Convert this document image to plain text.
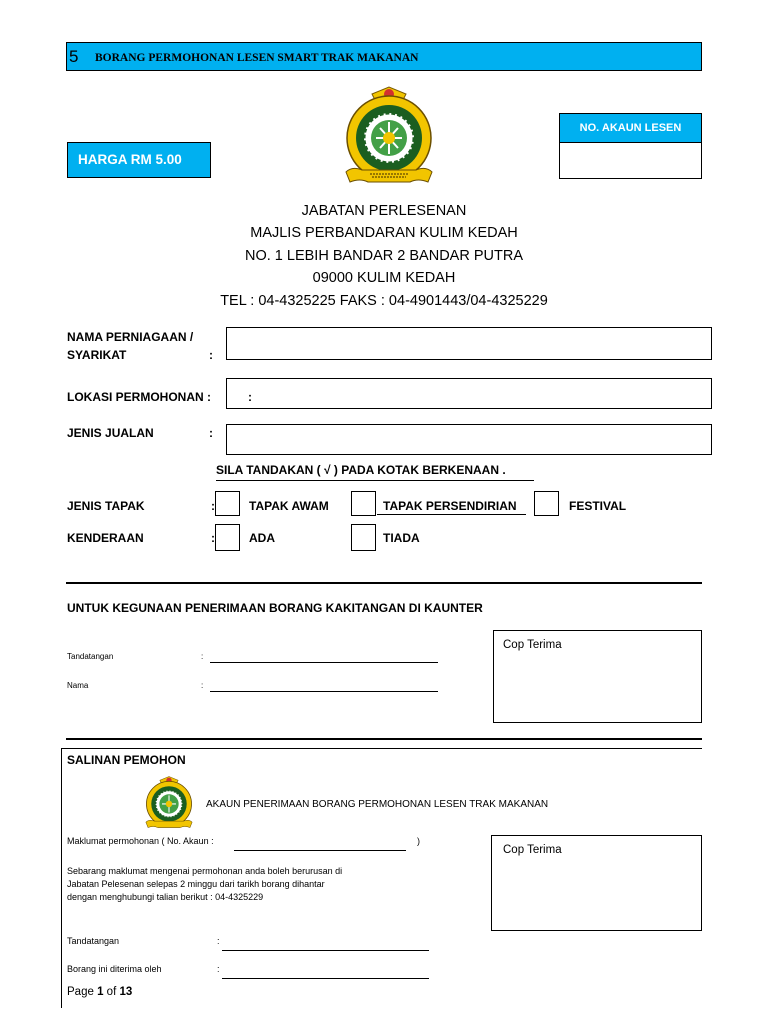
5 BORANG PERMOHONAN LESEN SMART TRAK MAKANAN
HARGA RM 5.00
NO. AKAUN LESEN
JABATAN PERLESENAN
MAJLIS PERBANDARAN KULIM KEDAH
NO. 1 LEBIH BANDAR 2 BANDAR PUTRA
09000 KULIM KEDAH
TEL : 04-4325225 FAKS : 04-4901443/04-4325229
NAMA PERNIAGAAN /
SYARIKAT	:
LOKASI PERMOHONAN :	:
JENIS JUALAN	:
SILA TANDAKAN ( √ ) PADA KOTAK BERKENAAN .
JENIS TAPAK	:	TAPAK AWAM	TAPAK PERSENDIRIAN	FESTIVAL
KENDERAAN	:	ADA	TIADA
UNTUK KEGUNAAN PENERIMAAN BORANG KAKITANGAN DI KAUNTER
Tandatangan	:
Nama	:
Cop Terima
SALINAN PEMOHON
AKAUN PENERIMAAN BORANG PERMOHONAN LESEN TRAK MAKANAN
Maklumat permohonan ( No. Akaun :	)
Sebarang maklumat mengenai permohonan anda boleh berurusan di
Jabatan Pelesenan selepas 2 minggu dari tarikh borang dihantar
dengan menghubungi talian berikut : 04-4325229
Tandatangan	:
Borang ini diterima oleh	:
Cop Terima
Page 1 of 13
